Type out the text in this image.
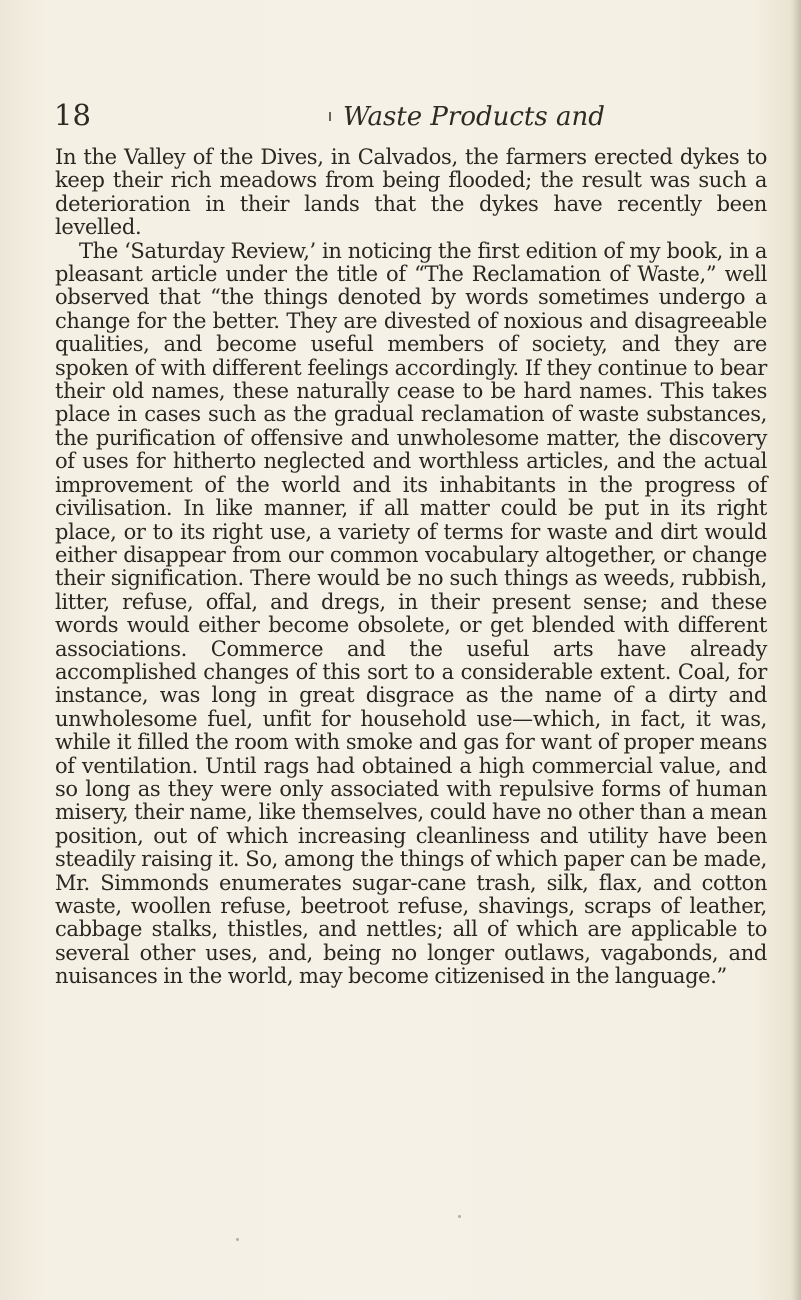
18	Waste Products and

In the Valley of the Dives, in Calvados, the farmers erected dykes to keep their rich meadows from being flooded; the result was such a deterioration in their lands that the dykes have recently been levelled.

The ‘Saturday Review,’ in noticing the first edition of my book, in a pleasant article under the title of “The Reclamation of Waste,” well observed that “the things denoted by words sometimes undergo a change for the better. They are divested of noxious and disagreeable qualities, and become useful members of society, and they are spoken of with different feelings accordingly. If they continue to bear their old names, these naturally cease to be hard names. This takes place in cases such as the gradual reclamation of waste substances, the purification of offensive and unwholesome matter, the discovery of uses for hitherto neglected and worthless articles, and the actual improvement of the world and its inhabitants in the progress of civilisation. In like manner, if all matter could be put in its right place, or to its right use, a variety of terms for waste and dirt would either disappear from our common vocabulary altogether, or change their signification. There would be no such things as weeds, rubbish, litter, refuse, offal, and dregs, in their present sense; and these words would either become obsolete, or get blended with different associations. Commerce and the useful arts have already accomplished changes of this sort to a considerable extent. Coal, for instance, was long in great disgrace as the name of a dirty and unwholesome fuel, unfit for household use—which, in fact, it was, while it filled the room with smoke and gas for want of proper means of ventilation. Until rags had obtained a high commercial value, and so long as they were only associated with repulsive forms of human misery, their name, like themselves, could have no other than a mean position, out of which increasing cleanliness and utility have been steadily raising it. So, among the things of which paper can be made, Mr. Simmonds enumerates sugar-cane trash, silk, flax, and cotton waste, woollen refuse, beetroot refuse, shavings, scraps of leather, cabbage stalks, thistles, and nettles; all of which are applicable to several other uses, and, being no longer outlaws, vagabonds, and nuisances in the world, may become citizenised in the language.”
